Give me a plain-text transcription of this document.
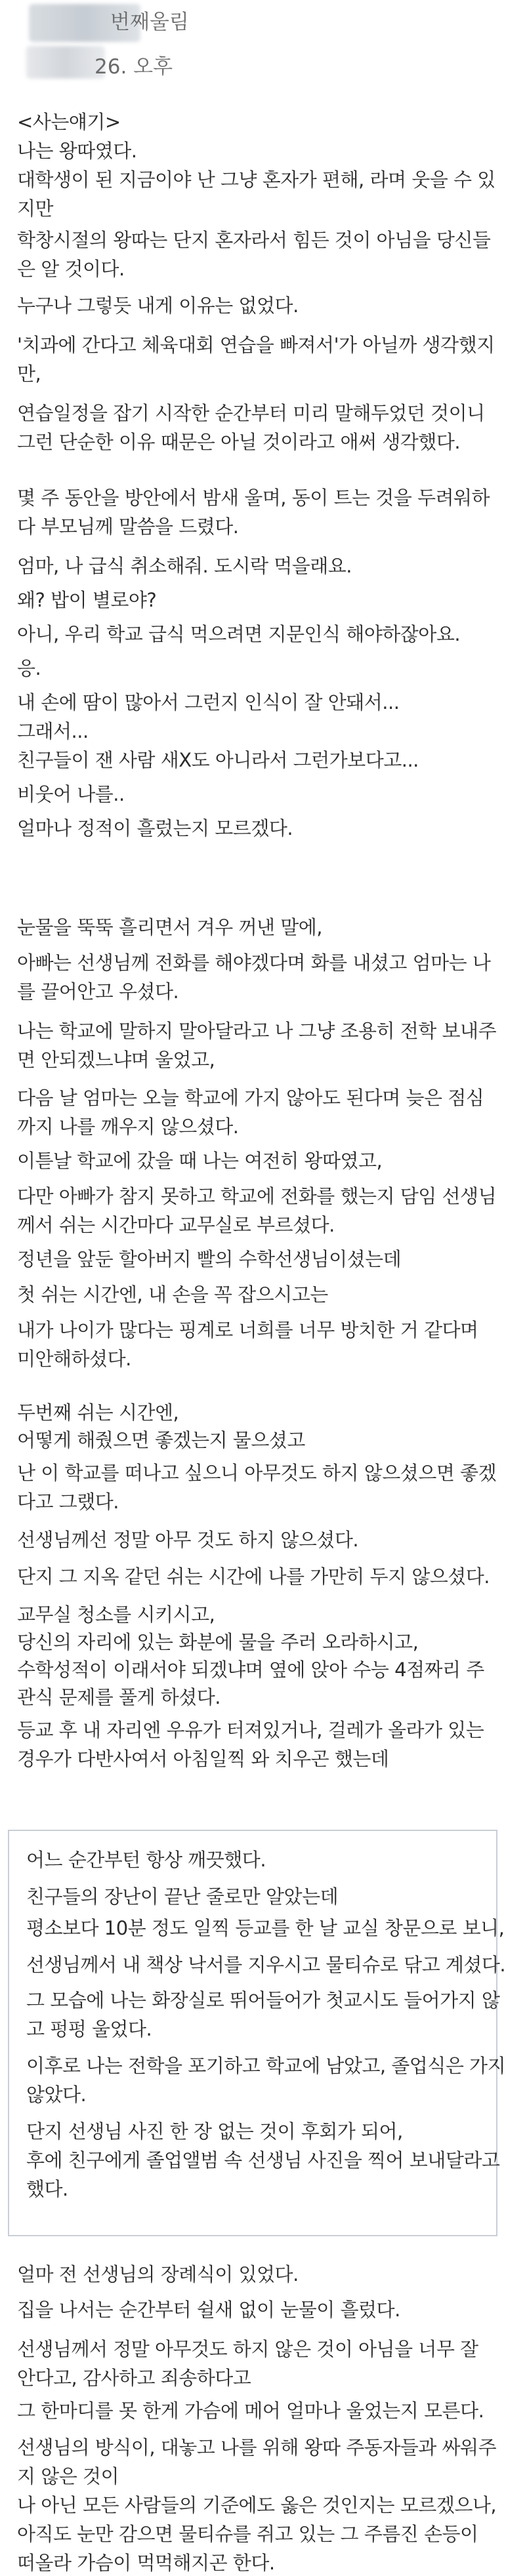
번째울림
26. 오후
<사는얘기>
나는 왕따였다.
대학생이 된 지금이야 난 그냥 혼자가 편해, 라며 웃을 수 있
지만
학창시절의 왕따는 단지 혼자라서 힘든 것이 아님을 당신들
은 알 것이다.
누구나 그렇듯 내게 이유는 없었다.
'치과에 간다고 체육대회 연습을 빠져서'가 아닐까 생각했지
만,
연습일정을 잡기 시작한 순간부터 미리 말해두었던 것이니
그런 단순한 이유 때문은 아닐 것이라고 애써 생각했다.
몇 주 동안을 방안에서 밤새 울며, 동이 트는 것을 두려워하
다 부모님께 말씀을 드렸다.
엄마, 나 급식 취소해줘. 도시락 먹을래요.
왜? 밥이 별로야?
아니, 우리 학교 급식 먹으려면 지문인식 해야하잖아요.
응.
내 손에 땀이 많아서 그런지 인식이 잘 안돼서...
그래서...
친구들이 잰 사람 새X도 아니라서 그런가보다고...
비웃어 나를..
얼마나 정적이 흘렀는지 모르겠다.
눈물을 뚝뚝 흘리면서 겨우 꺼낸 말에,
아빠는 선생님께 전화를 해야겠다며 화를 내셨고 엄마는 나
를 끌어안고 우셨다.
나는 학교에 말하지 말아달라고 나 그냥 조용히 전학 보내주
면 안되겠느냐며 울었고,
다음 날 엄마는 오늘 학교에 가지 않아도 된다며 늦은 점심
까지 나를 깨우지 않으셨다.
이튿날 학교에 갔을 때 나는 여전히 왕따였고,
다만 아빠가 참지 못하고 학교에 전화를 했는지 담임 선생님
께서 쉬는 시간마다 교무실로 부르셨다.
정년을 앞둔 할아버지 빨의 수학선생님이셨는데
첫 쉬는 시간엔, 내 손을 꼭 잡으시고는
내가 나이가 많다는 핑계로 너희를 너무 방치한 거 같다며
미안해하셨다.
두번째 쉬는 시간엔,
어떻게 해줬으면 좋겠는지 물으셨고
난 이 학교를 떠나고 싶으니 아무것도 하지 않으셨으면 좋겠
다고 그랬다.
선생님께선 정말 아무 것도 하지 않으셨다.
단지 그 지옥 같던 쉬는 시간에 나를 가만히 두지 않으셨다.
교무실 청소를 시키시고,
당신의 자리에 있는 화분에 물을 주러 오라하시고,
수학성적이 이래서야 되겠냐며 옆에 앉아 수능 4점짜리 주
관식 문제를 풀게 하셨다.
등교 후 내 자리엔 우유가 터져있거나, 걸레가 올라가 있는
경우가 다반사여서 아침일찍 와 치우곤 했는데
어느 순간부턴 항상 깨끗했다.
친구들의 장난이 끝난 줄로만 알았는데
평소보다 10분 정도 일찍 등교를 한 날 교실 창문으로 보니,
선생님께서 내 책상 낙서를 지우시고 물티슈로 닦고 계셨다.
그 모습에 나는 화장실로 뛰어들어가 첫교시도 들어가지 않
고 펑펑 울었다.
이후로 나는 전학을 포기하고 학교에 남았고, 졸업식은 가지
않았다.
단지 선생님 사진 한 장 없는 것이 후회가 되어,
후에 친구에게 졸업앨범 속 선생님 사진을 찍어 보내달라고
했다.
얼마 전 선생님의 장례식이 있었다.
집을 나서는 순간부터 쉴새 없이 눈물이 흘렀다.
선생님께서 정말 아무것도 하지 않은 것이 아님을 너무 잘
안다고, 감사하고 죄송하다고
그 한마디를 못 한게 가슴에 메어 얼마나 울었는지 모른다.
선생님의 방식이, 대놓고 나를 위해 왕따 주동자들과 싸워주
지 않은 것이
나 아닌 모든 사람들의 기준에도 옳은 것인지는 모르겠으나,
아직도 눈만 감으면 물티슈를 쥐고 있는 그 주름진 손등이
떠올라 가슴이 먹먹해지곤 한다.
